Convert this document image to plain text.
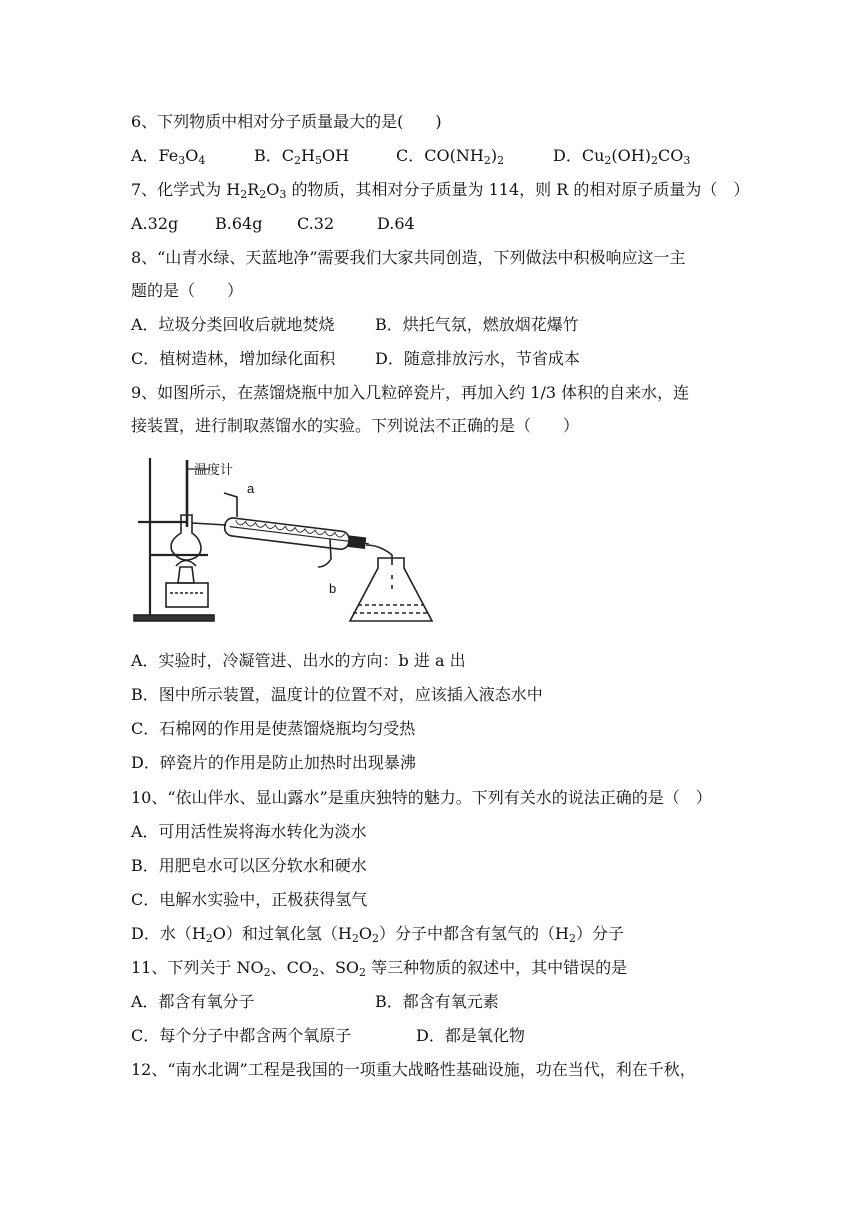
6、下列物质中相对分子质量最大的是(　　)
A．$Fe_3O_4$	B．$C_2H_5OH$	C．$CO(NH_2)_2$	D．$Cu_2(OH)_2CO_3$
7、化学式为 $H_2R_2O_3$ 的物质，其相对分子质量为 114，则 R 的相对原子质量为（　）
A.32g B.64g C.32	D.64
8、“山青水绿、天蓝地净”需要我们大家共同创造，下列做法中积极响应这一主
题的是（　　）
A．垃圾分类回收后就地焚烧	B．烘托气氛，燃放烟花爆竹
C．植树造林，增加绿化面积 D．随意排放污水，节省成本
9、如图所示，在蒸馏烧瓶中加入几粒碎瓷片，再加入约 1/3 体积的自来水，连
接装置，进行制取蒸馏水的实验。下列说法不正确的是（　　）
温度计
a
b
A．实验时，冷凝管进、出水的方向：b 进 a 出
B．图中所示装置，温度计的位置不对，应该插入液态水中
C．石棉网的作用是使蒸馏烧瓶均匀受热
D．碎瓷片的作用是防止加热时出现暴沸
10、“依山伴水、显山露水”是重庆独特的魅力。下列有关水的说法正确的是（　）
A．可用活性炭将海水转化为淡水
B．用肥皂水可以区分软水和硬水
C．电解水实验中，正极获得氢气
D．水$(H_2O)$和过氧化氢$(H_2O_2)$分子中都含有氢气的$(H_2)$分子
11、下列关于 $NO_2$、$CO_2$、$SO_2$ 等三种物质的叙述中，其中错误的是
A．都含有氧分子	B．都含有氧元素
C．每个分子中都含两个氧原子	D．都是氧化物
12、“南水北调”工程是我国的一项重大战略性基础设施，功在当代，利在千秋，
